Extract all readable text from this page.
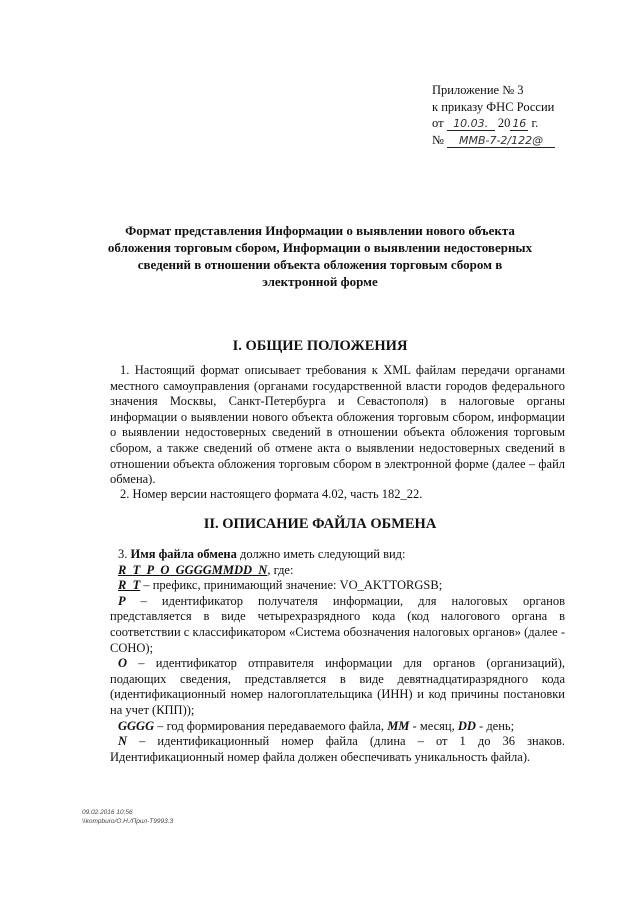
Приложение № 3
к приказу ФНС России
от 10.03. 20 16 г.
№ ММВ-7-2/122@
Формат представления Информации о выявлении нового объекта обложения торговым сбором, Информации о выявлении недостоверных сведений в отношении объекта обложения торговым сбором в электронной форме
I. ОБЩИЕ ПОЛОЖЕНИЯ

1. Настоящий формат описывает требования к XML файлам передачи органами местного самоуправления (органами государственной власти городов федерального значения Москвы, Санкт-Петербурга и Севастополя) в налоговые органы информации о выявлении нового объекта обложения торговым сбором, информации о выявлении недостоверных сведений в отношении объекта обложения торговым сбором, а также сведений об отмене акта о выявлении недостоверных сведений в отношении объекта обложения торговым сбором в электронной форме (далее – файл обмена).

2. Номер версии настоящего формата 4.02, часть 182_22.

II. ОПИСАНИЕ ФАЙЛА ОБМЕНА

3. Имя файла обмена должно иметь следующий вид:

R_T_P_O_GGGGMMDD_N, где:

R_T – префикс, принимающий значение: VO_AKTTORGSB;

P – идентификатор получателя информации, для налоговых органов представляется в виде четырехразрядного кода (код налогового органа в соответствии с классификатором «Система обозначения налоговых органов» (далее - СОНО);

O – идентификатор отправителя информации для органов (организаций), подающих сведения, представляется в виде девятнадцатиразрядного кода (идентификационный номер налогоплательщика (ИНН) и код причины постановки на учет (КПП));

GGGG – год формирования передаваемого файла, MM - месяц, DD - день;

N – идентификационный номер файла (длина – от 1 до 36 знаков. Идентификационный номер файла должен обеспечивать уникальность файла).

09.02.2016 10:56
\\kompburo/О.Н./Прил-Т9993.3
